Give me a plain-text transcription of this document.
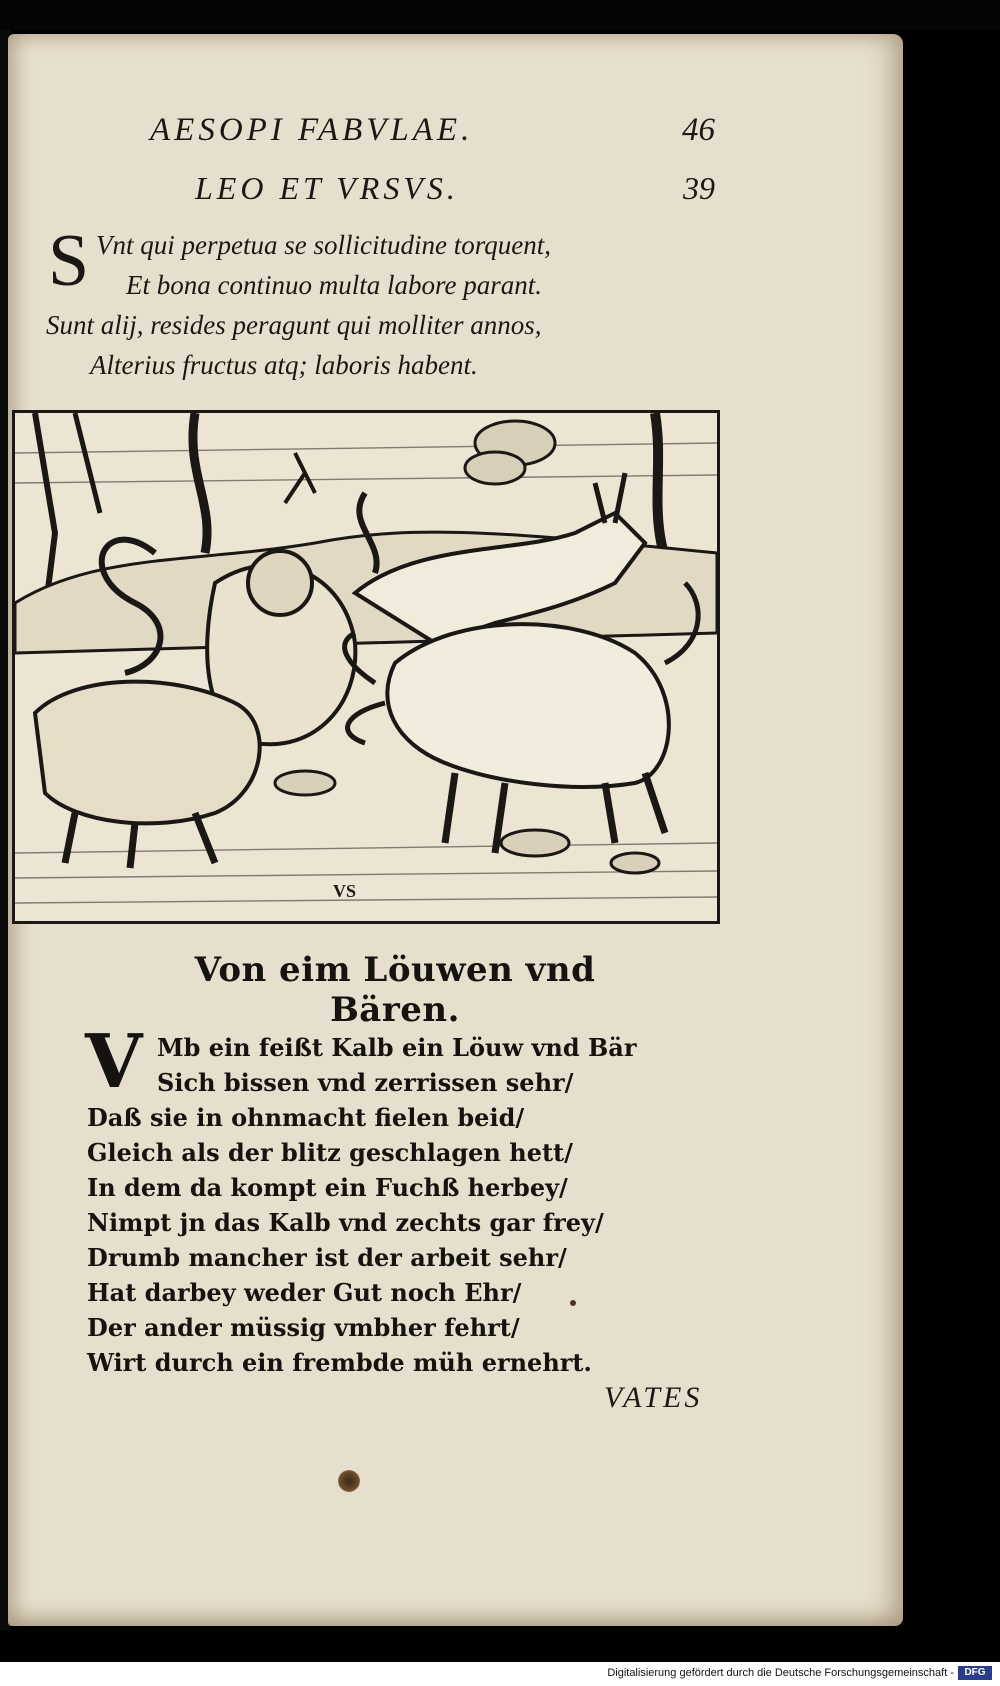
AESOPI FABVLAE.	46
LEO ET VRSVS.	39
S Vnt qui perpetua se sollicitudine torquent,
Et bona continuo multa labore parant.
Sunt alij, resides peragunt qui molliter annos,
Alterius fructus atq; laboris habent.
VS
Von eim Löuwen vnd Bären.
V Mb ein feißt Kalb ein Löuw vnd Bär
Sich bissen vnd zerrissen sehr/
Daß sie in ohnmacht fielen beid/
Gleich als der blitz geschlagen hett/
In dem da kompt ein Fuchß herbey/
Nimpt jn das Kalb vnd zechts gar frey/
Drumb mancher ist der arbeit sehr/
Hat darbey weder Gut noch Ehr/
Der ander müssig vmbher fehrt/
Wirt durch ein frembde müh ernehrt.
VATES
Digitalisierung gefördert durch die Deutsche Forschungsgemeinschaft -	DFG
